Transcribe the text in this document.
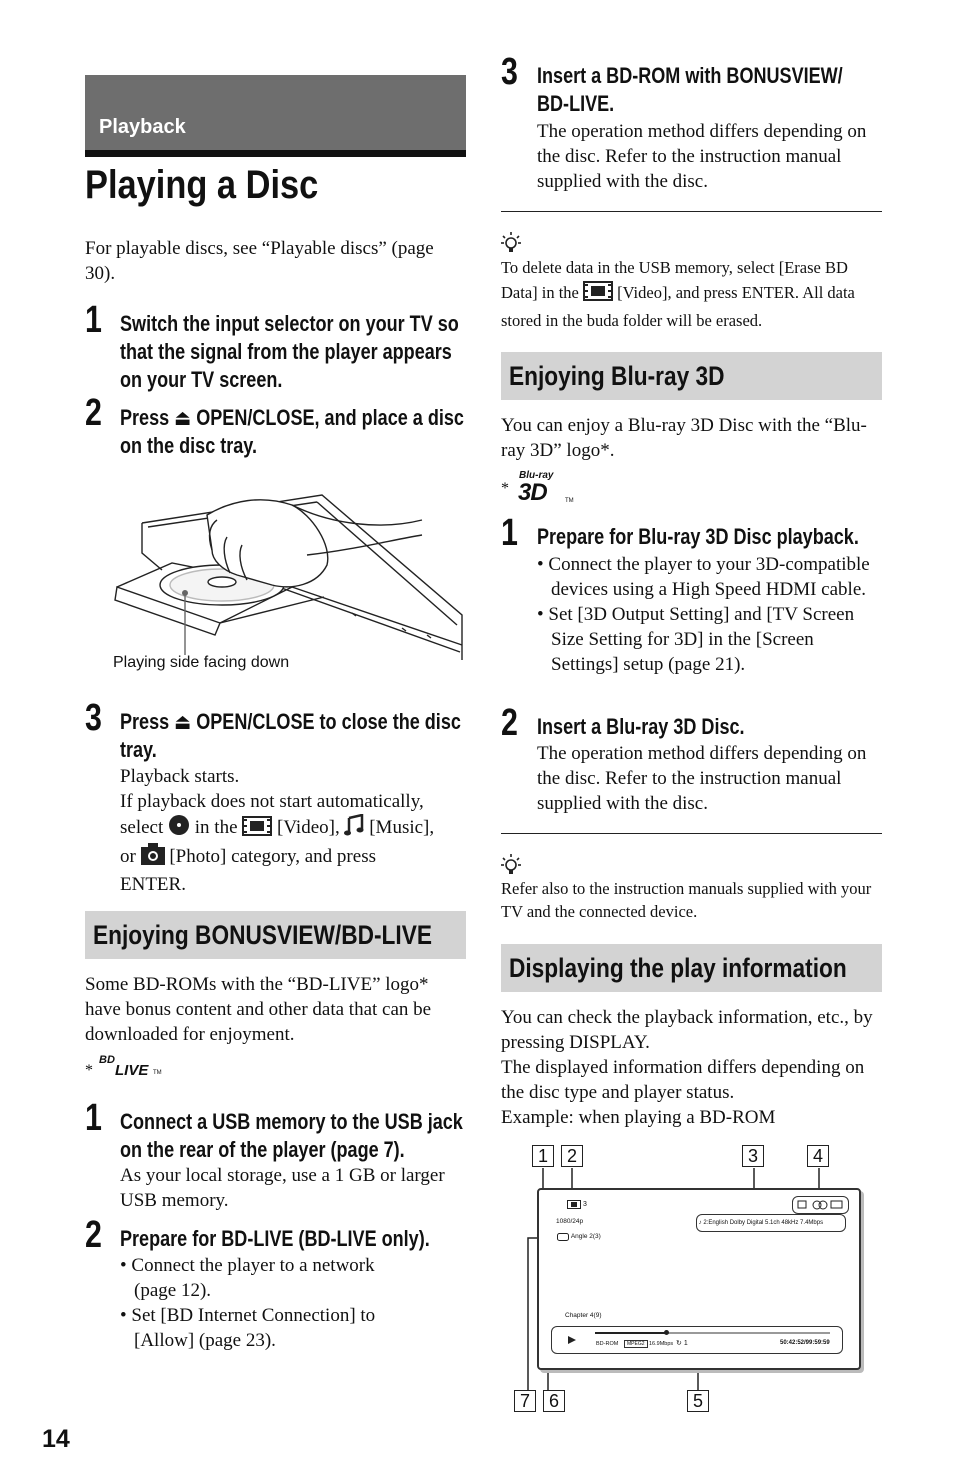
Playback
Playing a Disc
For playable discs, see “Playable discs” (page 30).
1 Switch the input selector on your TV so that the signal from the player appears on your TV screen.
2 Press ⏏ OPEN/CLOSE, and place a disc on the disc tray.
Playing side facing down
3 Press ⏏ OPEN/CLOSE to close the disc tray.
Playback starts.
If playback does not start automatically,
select  in the  [Video],  [Music],
or  [Photo] category, and press
ENTER.
Enjoying BONUSVIEW/BD-LIVE
Some BD-ROMs with the “BD-LIVE” logo* have bonus content and other data that can be downloaded for enjoyment.
*
BD
LIVE TM
1 Connect a USB memory to the USB jack on the rear of the player (page 7).
As your local storage, use a 1 GB or larger USB memory.
2 Prepare for BD-LIVE (BD-LIVE only).
• Connect the player to a network (page 12).
• Set [BD Internet Connection] to [Allow] (page 23).
14
3 Insert a BD-ROM with BONUSVIEW/ BD-LIVE.
The operation method differs depending on the disc. Refer to the instruction manual supplied with the disc.
To delete data in the USB memory, select [Erase BD Data] in the  [Video], and press ENTER. All data stored in the buda folder will be erased.
Enjoying Blu-ray 3D
You can enjoy a Blu-ray 3D Disc with the “Blu-ray 3D” logo*.
*
Blu-ray
3D	TM
1 Prepare for Blu-ray 3D Disc playback.
• Connect the player to your 3D-compatible devices using a High Speed HDMI cable.
• Set [3D Output Setting] and [TV Screen Size Setting for 3D] in the [Screen Settings] setup (page 21).
2 Insert a Blu-ray 3D Disc.
The operation method differs depending on the disc. Refer to the instruction manual supplied with the disc.
Refer also to the instruction manuals supplied with your TV and the connected device.
Displaying the play information
You can check the playback information, etc., by pressing DISPLAY.
The displayed information differs depending on the disc type and player status.
Example: when playing a BD-ROM
1	2	3	4
7	6	5
3
1080/24p	♪ 2:English Dolby Digital 5.1ch 48kHz 7.4Mbps
Angle 2(3)
Chapter 4(9)
BD-ROM	MPEG2 16.9Mbps ↻ 1	50:42:52/99:59:59
